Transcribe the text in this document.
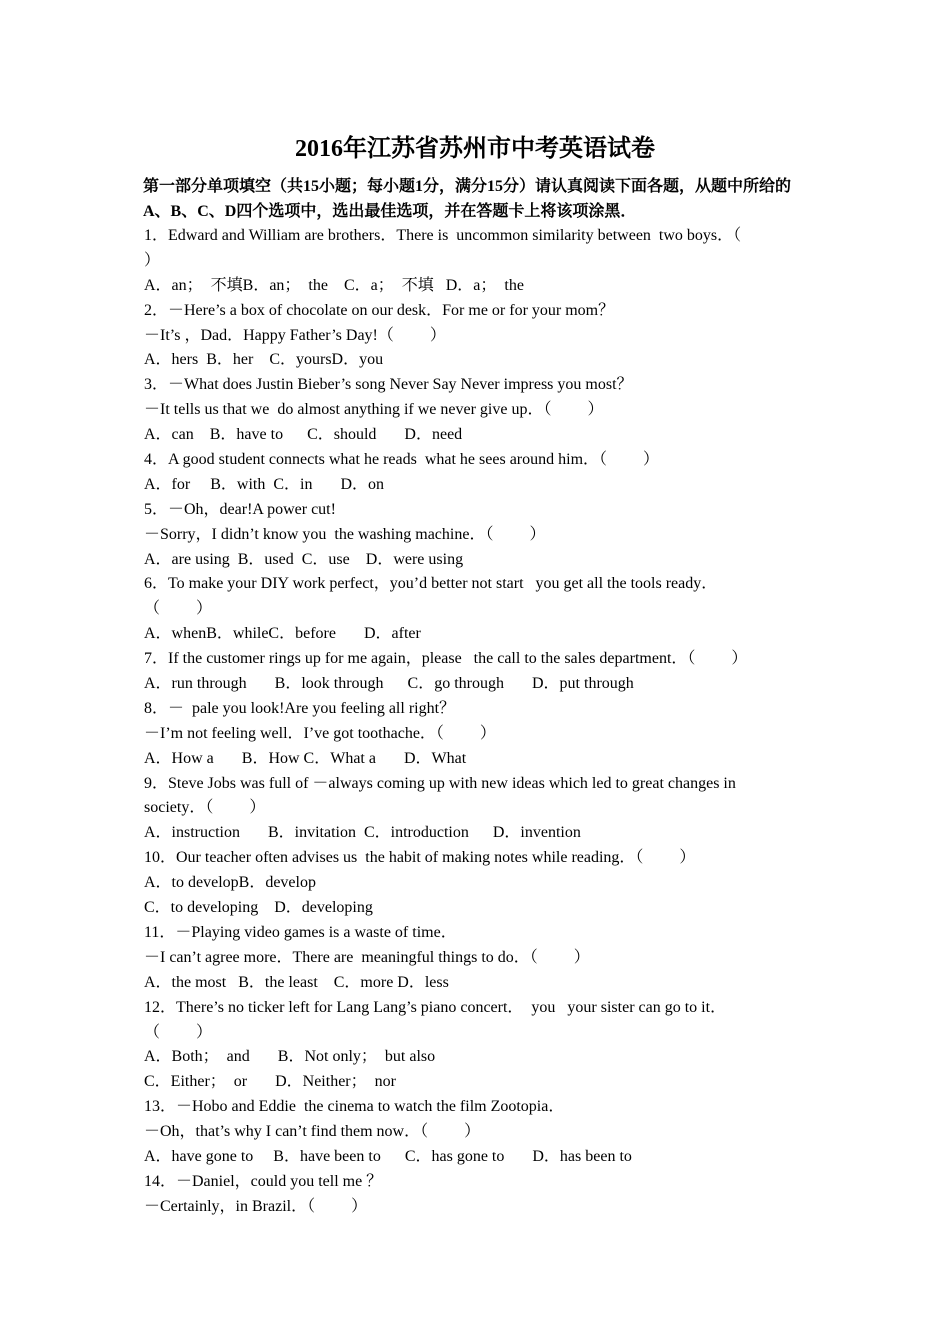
2016年江苏省苏州市中考英语试卷

第一部分单项填空（共15小题；每小题1分，满分15分）请认真阅读下面各题，从题中所给的A、B、C、D四个选项中，选出最佳选项，并在答题卡上将该项涂黑．

1．Edward and William are brothers．There is  uncommon similarity between  two boys．（

）

A．an；  不填B．an；  the    C．a；  不填   D．a；  the

2．－Here’s a box of chocolate on our desk．For me or for your mom？

－It’s ，Dad．Happy Father’s Day!（         ）

A．hers  B．her    C．yoursD．you

3．－What does Justin Bieber’s song Never Say Never impress you most？

－It tells us that we  do almost anything if we never give up．（         ）

A．can    B．have to      C．should       D．need

4．A good student connects what he reads  what he sees around him．（         ）

A．for     B．with  C．in       D．on

5．－Oh，dear!A power cut!

－Sorry，I didn’t know you  the washing machine．（         ）

A．are using  B．used  C．use    D．were using

6．To make your DIY work perfect，you’d better not start   you get all the tools ready．

（         ）

A．whenB．whileC．before       D．after

7．If the customer rings up for me again，please   the call to the sales department．（         ）

A．run through       B．look through      C．go through       D．put through

8．－  pale you look!Are you feeling all right？

－I’m not feeling well．I’ve got toothache．（         ）

A．How a       B．How C．What a       D．What

9．Steve Jobs was full of －always coming up with new ideas which led to great changes in

society．（         ）

A．instruction       B．invitation  C．introduction      D．invention

10．Our teacher often advises us  the habit of making notes while reading．（         ）

A．to developB．develop

C．to developing    D．developing

11．－Playing video games is a waste of time．

－I can’t agree more．There are  meaningful things to do．（         ）

A．the most   B．the least    C．more D．less

12．There’s no ticker left for Lang Lang’s piano concert．  you   your sister can go to it．

（         ）

A．Both；  and       B．Not only；  but also

C．Either；  or       D．Neither；  nor

13．－Hobo and Eddie  the cinema to watch the film Zootopia．

－Oh，that’s why I can’t find them now．（         ）

A．have gone to     B．have been to      C．has gone to       D．has been to

14．－Daniel，could you tell me ？

－Certainly，in Brazil．（         ）
